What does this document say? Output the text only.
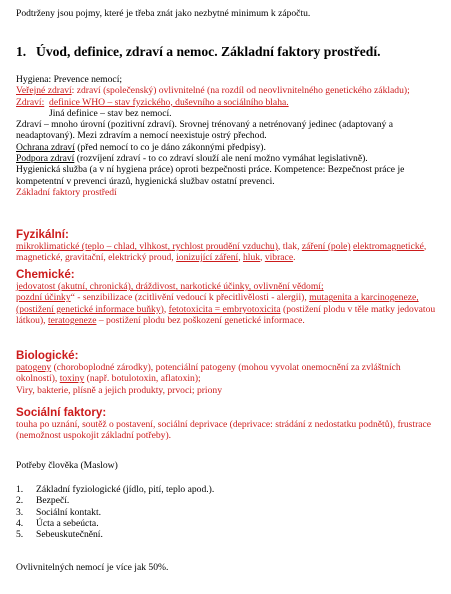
Podtrženy jsou pojmy, které je třeba znát jako nezbytné minimum k zápočtu.
1. Úvod, definice, zdraví a nemoc. Základní faktory prostředí.
Hygiena: Prevence nemocí;
Veřejné zdraví: zdraví (společenský) ovlivnitelné (na rozdíl od neovlivnitelného genetického základu);
Zdraví: definice WHO – stav fyzického, duševního a sociálního blaha.
Jiná definice – stav bez nemocí.
Zdraví – mnoho úrovní (pozitivní zdraví). Srovnej trénovaný a netrénovaný jedinec (adaptovaný a neadaptovaný). Mezi zdravím a nemocí neexistuje ostrý přechod.
Ochrana zdraví (před nemocí to co je dáno zákonnými předpisy).
Podpora zdraví (rozvíjení zdraví - to co zdraví slouží ale není možno vymáhat legislativně).
Hygienická služba (a v ní hygiena práce) oproti bezpečnosti práce. Kompetence: Bezpečnost práce je kompetentní v prevenci úrazů, hygienická službav ostatní prevenci.
Základní faktory prostředí
Fyzikální:
mikroklimatické (teplo – chlad, vlhkost, rychlost proudění vzduchu), tlak, záření (pole) elektromagnetické, magnetické, gravitační, elektrický proud, ionizující záření, hluk, vibrace.
Chemické:
jedovatost (akutní, chronická), dráždivost, narkotické účinky, ovlivnění vědomí;
pozdní účinky“ - senzibilizace (zcitlivění vedoucí k přecitlivělosti - alergii), mutagenita a karcinogeneze, (postižení genetické informace buňky), fetotoxicita = embryotoxicita (postižení plodu v těle matky jedovatou látkou), teratogeneze – postižení plodu bez poškození genetické informace.
Biologické:
patogeny (choroboplodné zárodky), potenciální patogeny (mohou vyvolat onemocnění za zvláštních okolností), toxiny (např. botulotoxin, aflatoxin);
Viry, bakterie, plísně a jejich produkty, prvoci; priony
Sociální faktory:
touha po uznání, soutěž o postavení, sociální deprivace (deprivace: strádání z nedostatku podnětů), frustrace (nemožnost uspokojit základní potřeby).
Potřeby člověka (Maslow)
1.	Základní fyziologické (jídlo, pití, teplo apod.).
2.	Bezpečí.
3.	Sociální kontakt.
4.	Úcta a sebeúcta.
5.	Sebeuskutečnění.
Ovlivnitelných nemocí je více jak 50%.
